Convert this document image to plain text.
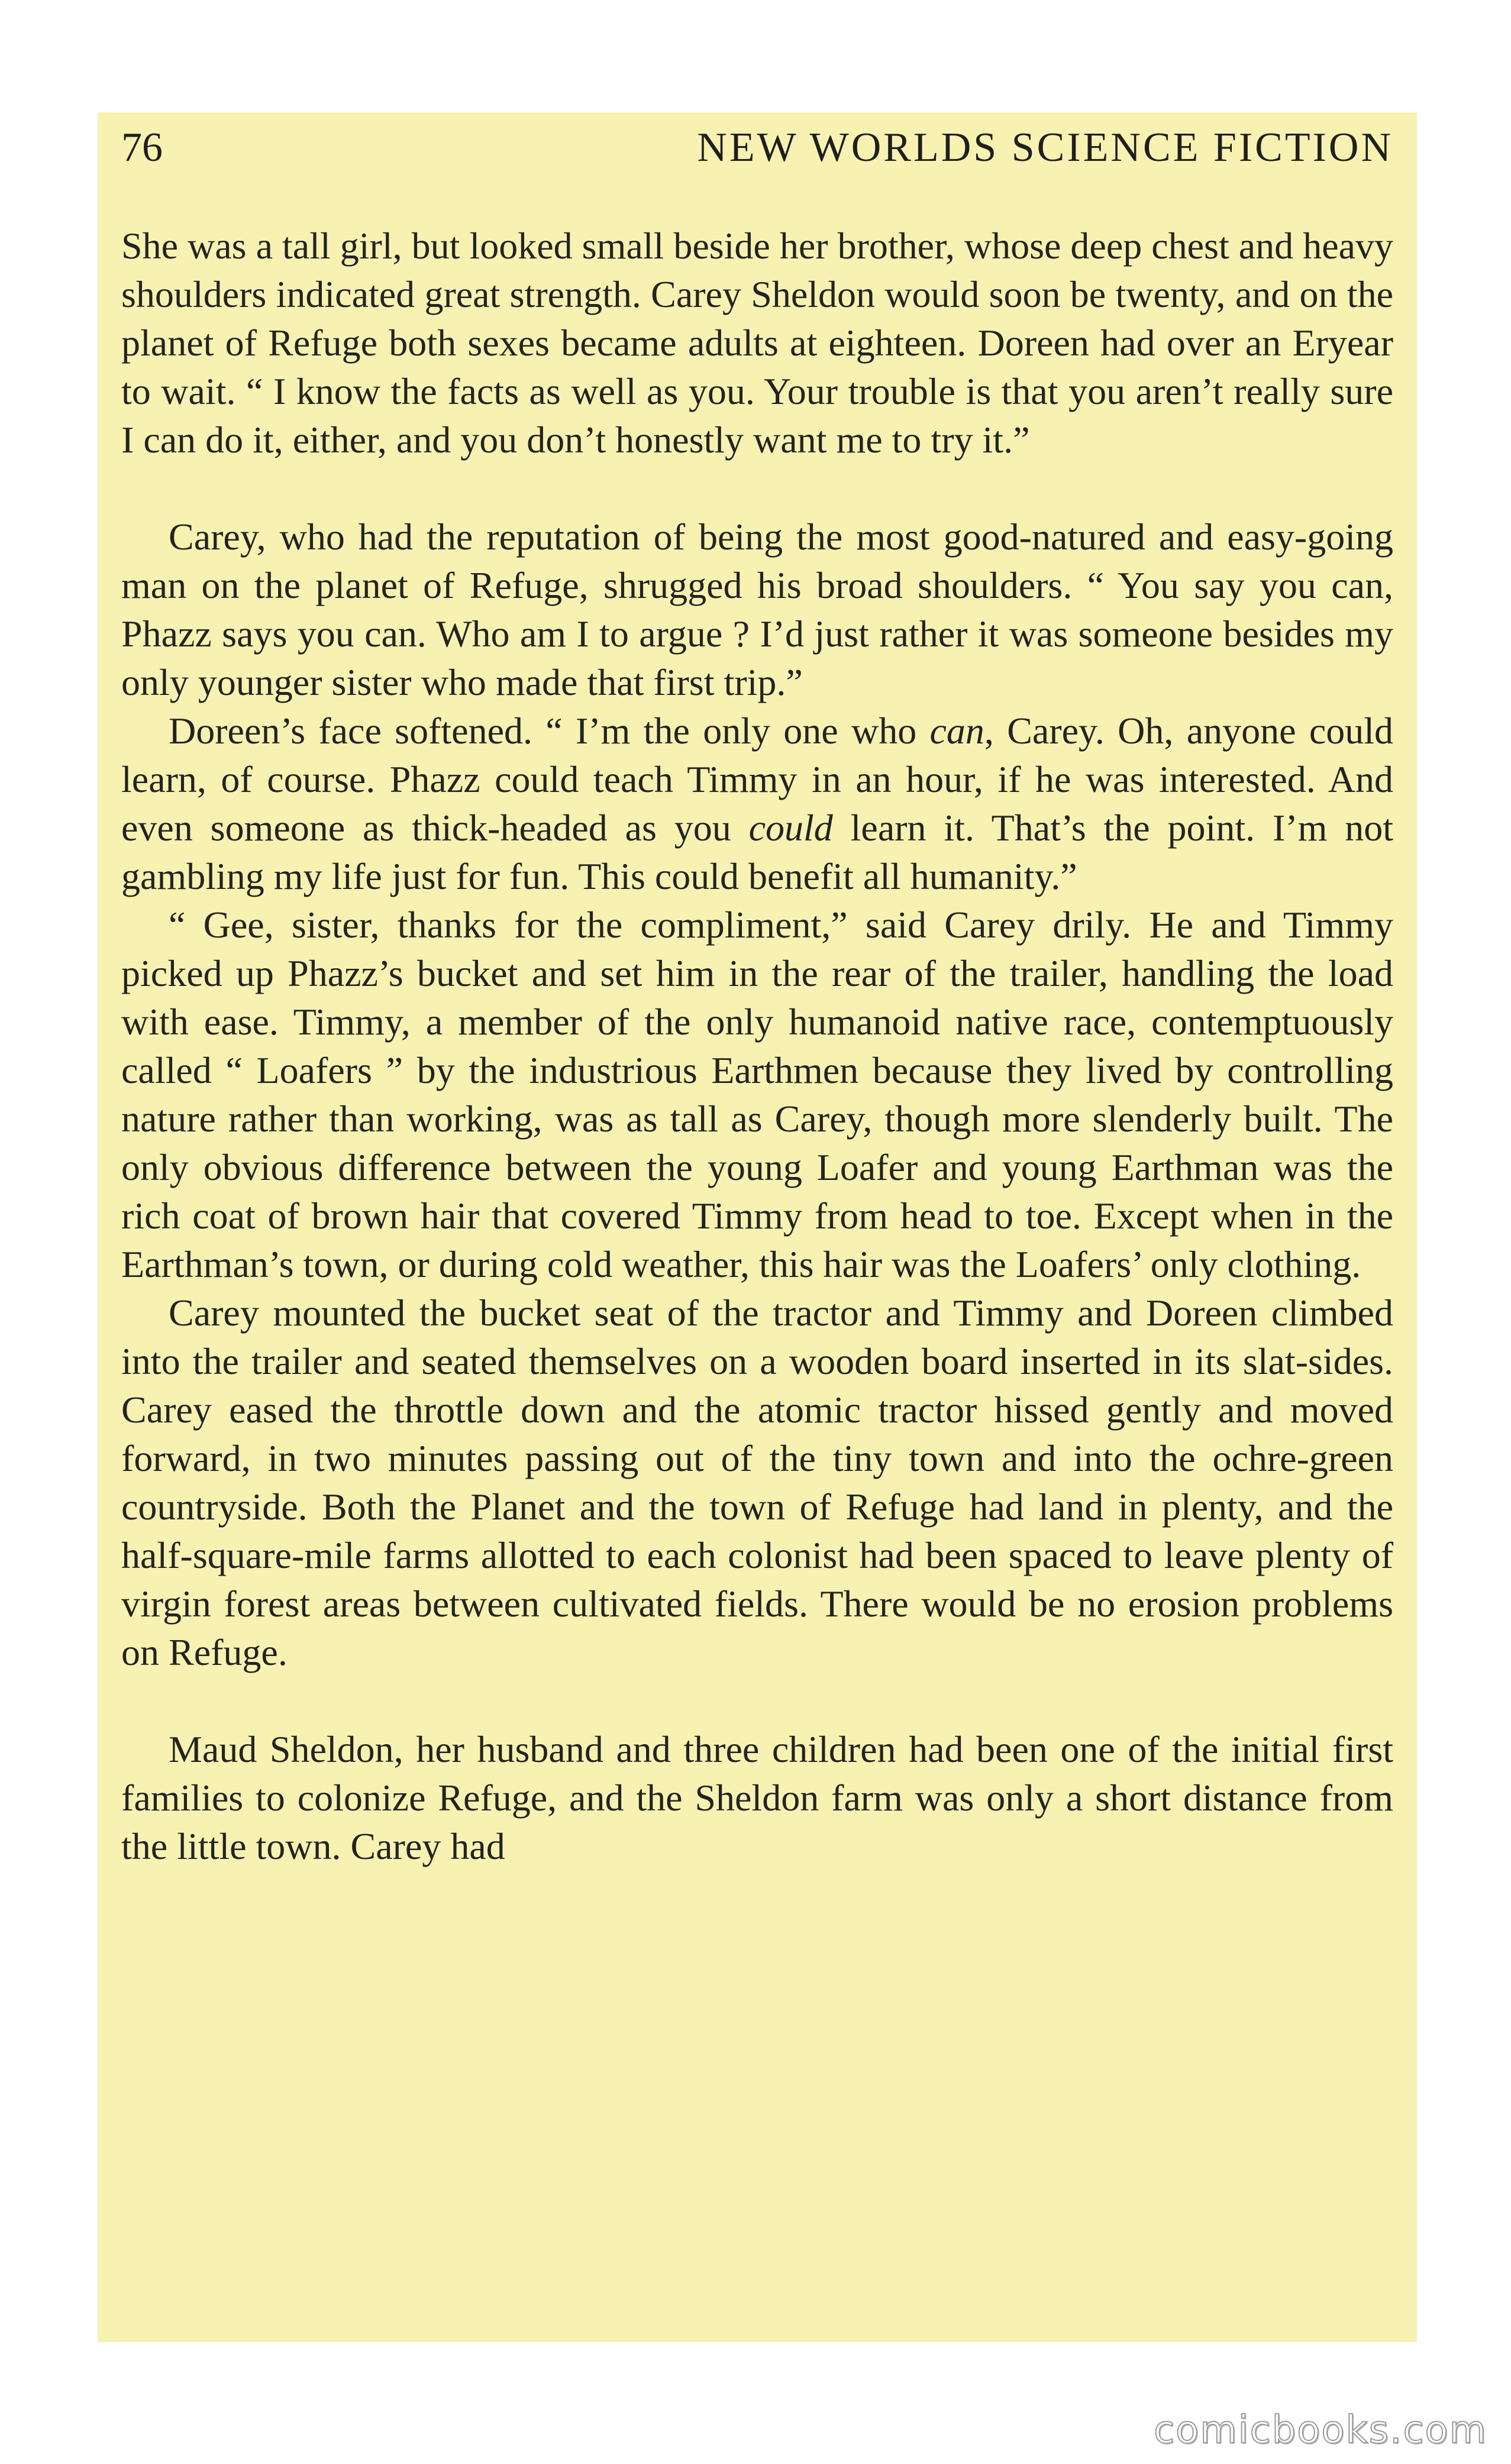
76	NEW WORLDS SCIENCE FICTION

She was a tall girl, but looked small beside her brother, whose deep chest and heavy shoulders indicated great strength. Carey Sheldon would soon be twenty, and on the planet of Refuge both sexes became adults at eighteen. Doreen had over an Eryear to wait. “ I know the facts as well as you. Your trouble is that you aren’t really sure I can do it, either, and you don’t honestly want me to try it.”

Carey, who had the reputation of being the most good-natured and easy-going man on the planet of Refuge, shrugged his broad shoulders. “ You say you can, Phazz says you can. Who am I to argue ? I’d just rather it was someone besides my only younger sister who made that first trip.”

Doreen’s face softened. “ I’m the only one who can, Carey. Oh, anyone could learn, of course. Phazz could teach Timmy in an hour, if he was interested. And even someone as thick-headed as you could learn it. That’s the point. I’m not gambling my life just for fun. This could benefit all humanity.”

“ Gee, sister, thanks for the compliment,” said Carey drily. He and Timmy picked up Phazz’s bucket and set him in the rear of the trailer, handling the load with ease. Timmy, a member of the only humanoid native race, contemptuously called “ Loafers ” by the industrious Earthmen because they lived by controlling nature rather than working, was as tall as Carey, though more slenderly built. The only obvious difference between the young Loafer and young Earthman was the rich coat of brown hair that covered Timmy from head to toe. Except when in the Earthman’s town, or during cold weather, this hair was the Loafers’ only clothing.

Carey mounted the bucket seat of the tractor and Timmy and Doreen climbed into the trailer and seated themselves on a wooden board inserted in its slat-sides. Carey eased the throttle down and the atomic tractor hissed gently and moved forward, in two minutes passing out of the tiny town and into the ochre-green countryside. Both the Planet and the town of Refuge had land in plenty, and the half-square-mile farms allotted to each colonist had been spaced to leave plenty of virgin forest areas between cultivated fields. There would be no erosion problems on Refuge.

Maud Sheldon, her husband and three children had been one of the initial first families to colonize Refuge, and the Sheldon farm was only a short distance from the little town. Carey had

comicbooks.com
